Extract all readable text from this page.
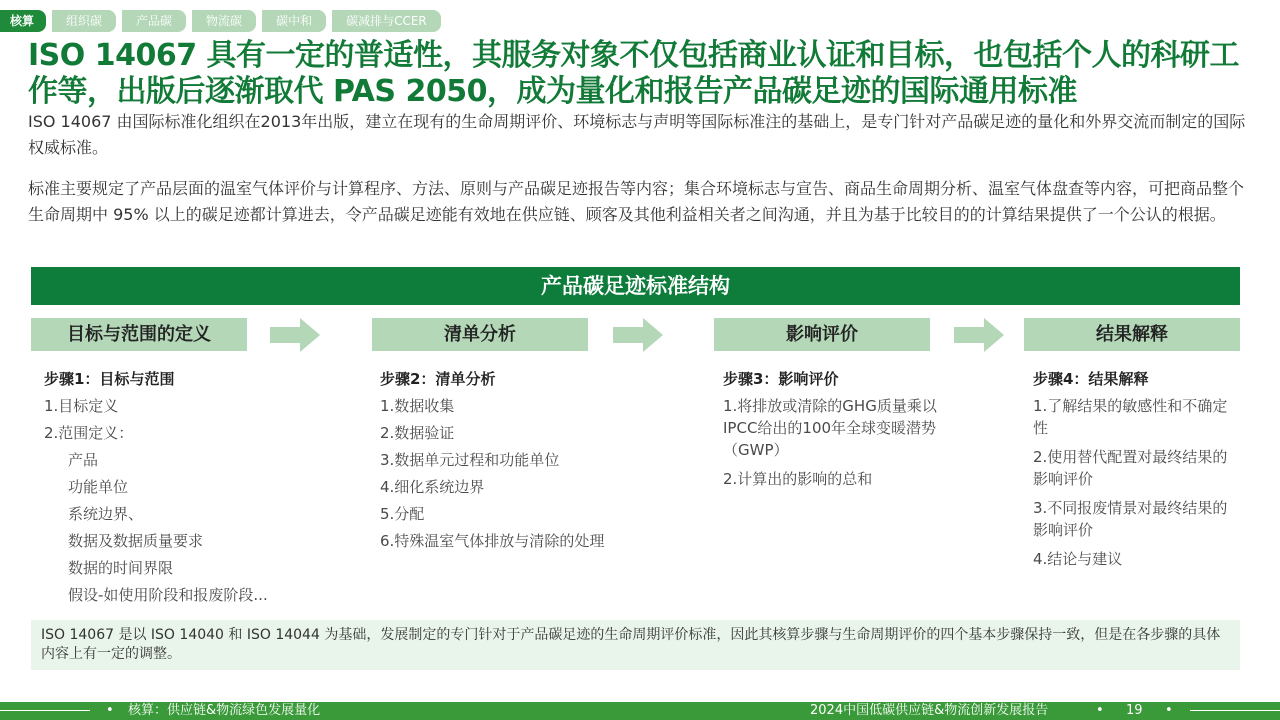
核算	组织碳	产品碳	物流碳	碳中和	碳减排与CCER
ISO 14067 具有一定的普适性，其服务对象不仅包括商业认证和目标，也包括个人的科研工作等，出版后逐渐取代 PAS 2050，成为量化和报告产品碳足迹的国际通用标准
ISO 14067 由国际标准化组织在2013年出版，建立在现有的生命周期评价、环境标志与声明等国际标准注的基础上，是专门针对产品碳足迹的量化和外界交流而制定的国际权威标准。
标准主要规定了产品层面的温室气体评价与计算程序、方法、原则与产品碳足迹报告等内容；集合环境标志与宣告、商品生命周期分析、温室气体盘查等内容，可把商品整个生命周期中 95% 以上的碳足迹都计算进去，令产品碳足迹能有效地在供应链、顾客及其他利益相关者之间沟通，并且为基于比较目的的计算结果提供了一个公认的根据。
产品碳足迹标准结构
目标与范围的定义	清单分析	影响评价	结果解释
步骤1：目标与范围
1.目标定义
2.范围定义：
产品
功能单位
系统边界、
数据及数据质量要求
数据的时间界限
假设-如使用阶段和报废阶段...
步骤2：清单分析
1.数据收集
2.数据验证
3.数据单元过程和功能单位
4.细化系统边界
5.分配
6.特殊温室气体排放与清除的处理
步骤3：影响评价
1.将排放或清除的GHG质量乘以IPCC给出的100年全球变暖潜势（GWP）
2.计算出的影响的总和
步骤4：结果解释
1.了解结果的敏感性和不确定性
2.使用替代配置对最终结果的影响评价
3.不同报废情景对最终结果的影响评价
4.结论与建议
ISO 14067 是以 ISO 14040 和 ISO 14044 为基础，发展制定的专门针对于产品碳足迹的生命周期评价标准，因此其核算步骤与生命周期评价的四个基本步骤保持一致，但是在各步骤的具体内容上有一定的调整。
• 核算：供应链&物流绿色发展量化	2024中国低碳供应链&物流创新发展报告	• 19 •
